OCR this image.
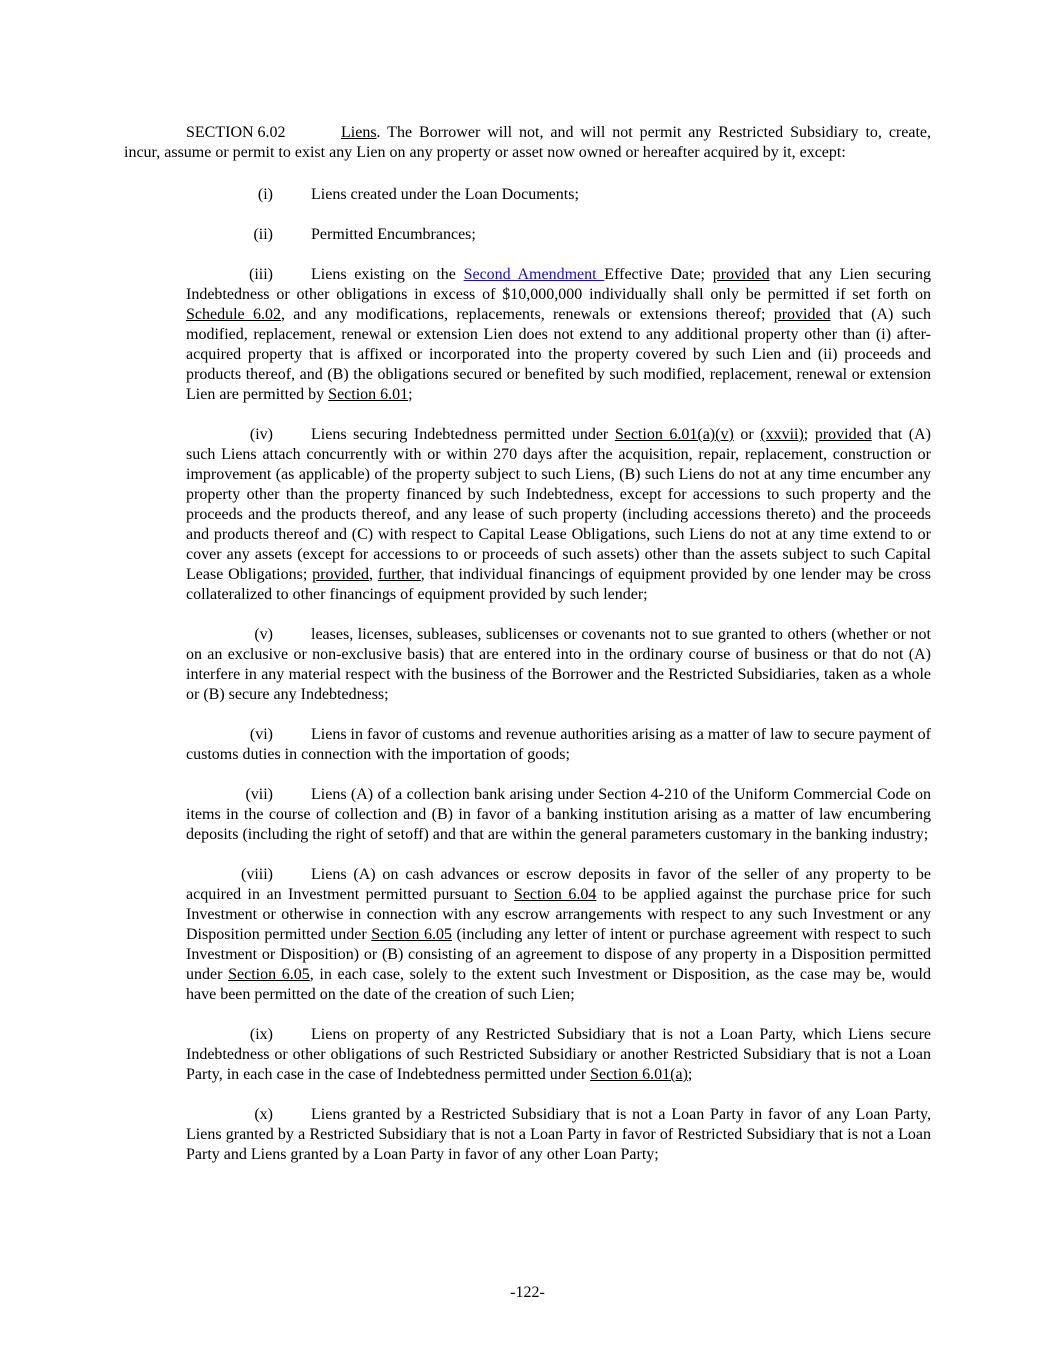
SECTION 6.02	Liens. The Borrower will not, and will not permit any Restricted Subsidiary to, create, incur, assume or permit to exist any Lien on any property or asset now owned or hereafter acquired by it, except:
(i) Liens created under the Loan Documents;
(ii) Permitted Encumbrances;
(iii) Liens existing on the Second Amendment Effective Date; provided that any Lien securing Indebtedness or other obligations in excess of $10,000,000 individually shall only be permitted if set forth on Schedule 6.02, and any modifications, replacements, renewals or extensions thereof; provided that (A) such modified, replacement, renewal or extension Lien does not extend to any additional property other than (i) after-acquired property that is affixed or incorporated into the property covered by such Lien and (ii) proceeds and products thereof, and (B) the obligations secured or benefited by such modified, replacement, renewal or extension Lien are permitted by Section 6.01;
(iv) Liens securing Indebtedness permitted under Section 6.01(a)(v) or (xxvii); provided that (A) such Liens attach concurrently with or within 270 days after the acquisition, repair, replacement, construction or improvement (as applicable) of the property subject to such Liens, (B) such Liens do not at any time encumber any property other than the property financed by such Indebtedness, except for accessions to such property and the proceeds and the products thereof, and any lease of such property (including accessions thereto) and the proceeds and products thereof and (C) with respect to Capital Lease Obligations, such Liens do not at any time extend to or cover any assets (except for accessions to or proceeds of such assets) other than the assets subject to such Capital Lease Obligations; provided, further, that individual financings of equipment provided by one lender may be cross collateralized to other financings of equipment provided by such lender;
(v) leases, licenses, subleases, sublicenses or covenants not to sue granted to others (whether or not on an exclusive or non-exclusive basis) that are entered into in the ordinary course of business or that do not (A) interfere in any material respect with the business of the Borrower and the Restricted Subsidiaries, taken as a whole or (B) secure any Indebtedness;
(vi) Liens in favor of customs and revenue authorities arising as a matter of law to secure payment of customs duties in connection with the importation of goods;
(vii) Liens (A) of a collection bank arising under Section 4-210 of the Uniform Commercial Code on items in the course of collection and (B) in favor of a banking institution arising as a matter of law encumbering deposits (including the right of setoff) and that are within the general parameters customary in the banking industry;
(viii) Liens (A) on cash advances or escrow deposits in favor of the seller of any property to be acquired in an Investment permitted pursuant to Section 6.04 to be applied against the purchase price for such Investment or otherwise in connection with any escrow arrangements with respect to any such Investment or any Disposition permitted under Section 6.05 (including any letter of intent or purchase agreement with respect to such Investment or Disposition) or (B) consisting of an agreement to dispose of any property in a Disposition permitted under Section 6.05, in each case, solely to the extent such Investment or Disposition, as the case may be, would have been permitted on the date of the creation of such Lien;
(ix) Liens on property of any Restricted Subsidiary that is not a Loan Party, which Liens secure Indebtedness or other obligations of such Restricted Subsidiary or another Restricted Subsidiary that is not a Loan Party, in each case in the case of Indebtedness permitted under Section 6.01(a);
(x) Liens granted by a Restricted Subsidiary that is not a Loan Party in favor of any Loan Party, Liens granted by a Restricted Subsidiary that is not a Loan Party in favor of Restricted Subsidiary that is not a Loan Party and Liens granted by a Loan Party in favor of any other Loan Party;
-122-
